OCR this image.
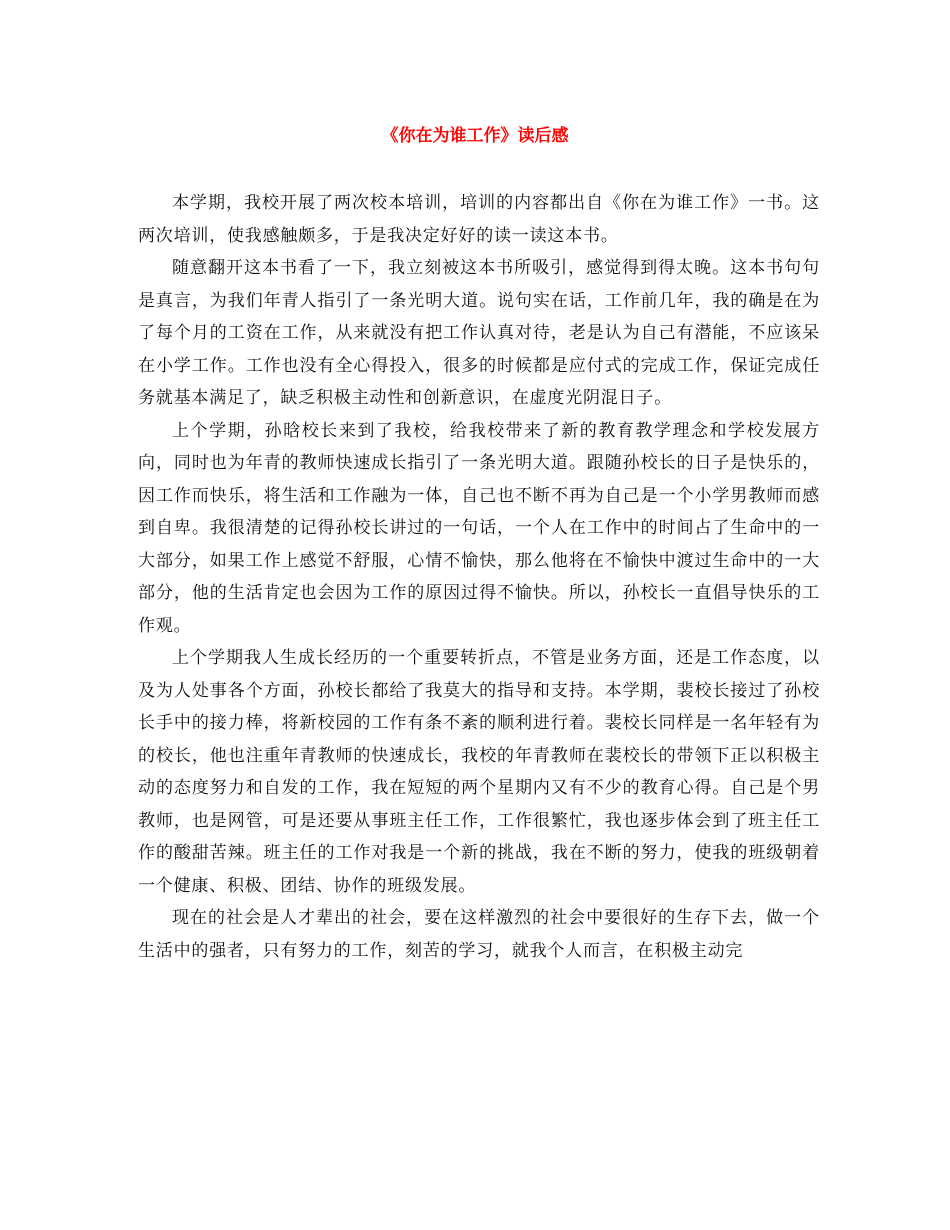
《你在为谁工作》读后感

本学期，我校开展了两次校本培训，培训的内容都出自《你在为谁工作》一书。这两次培训，使我感触颇多，于是我决定好好的读一读这本书。

随意翻开这本书看了一下，我立刻被这本书所吸引，感觉得到得太晚。这本书句句是真言，为我们年青人指引了一条光明大道。说句实在话，工作前几年，我的确是在为了每个月的工资在工作，从来就没有把工作认真对待，老是认为自己有潜能，不应该呆在小学工作。工作也没有全心得投入，很多的时候都是应付式的完成工作，保证完成任务就基本满足了，缺乏积极主动性和创新意识，在虚度光阴混日子。

上个学期，孙晗校长来到了我校，给我校带来了新的教育教学理念和学校发展方向，同时也为年青的教师快速成长指引了一条光明大道。跟随孙校长的日子是快乐的，因工作而快乐，将生活和工作融为一体，自己也不断不再为自己是一个小学男教师而感到自卑。我很清楚的记得孙校长讲过的一句话，一个人在工作中的时间占了生命中的一大部分，如果工作上感觉不舒服，心情不愉快，那么他将在不愉快中渡过生命中的一大部分，他的生活肯定也会因为工作的原因过得不愉快。所以，孙校长一直倡导快乐的工作观。

上个学期我人生成长经历的一个重要转折点，不管是业务方面，还是工作态度，以及为人处事各个方面，孙校长都给了我莫大的指导和支持。本学期，裴校长接过了孙校长手中的接力棒，将新校园的工作有条不紊的顺利进行着。裴校长同样是一名年轻有为的校长，他也注重年青教师的快速成长，我校的年青教师在裴校长的带领下正以积极主动的态度努力和自发的工作，我在短短的两个星期内又有不少的教育心得。自己是个男教师，也是网管，可是还要从事班主任工作，工作很繁忙，我也逐步体会到了班主任工作的酸甜苦辣。班主任的工作对我是一个新的挑战，我在不断的努力，使我的班级朝着一个健康、积极、团结、协作的班级发展。

现在的社会是人才辈出的社会，要在这样激烈的社会中要很好的生存下去，做一个生活中的强者，只有努力的工作，刻苦的学习，就我个人而言，在积极主动完
